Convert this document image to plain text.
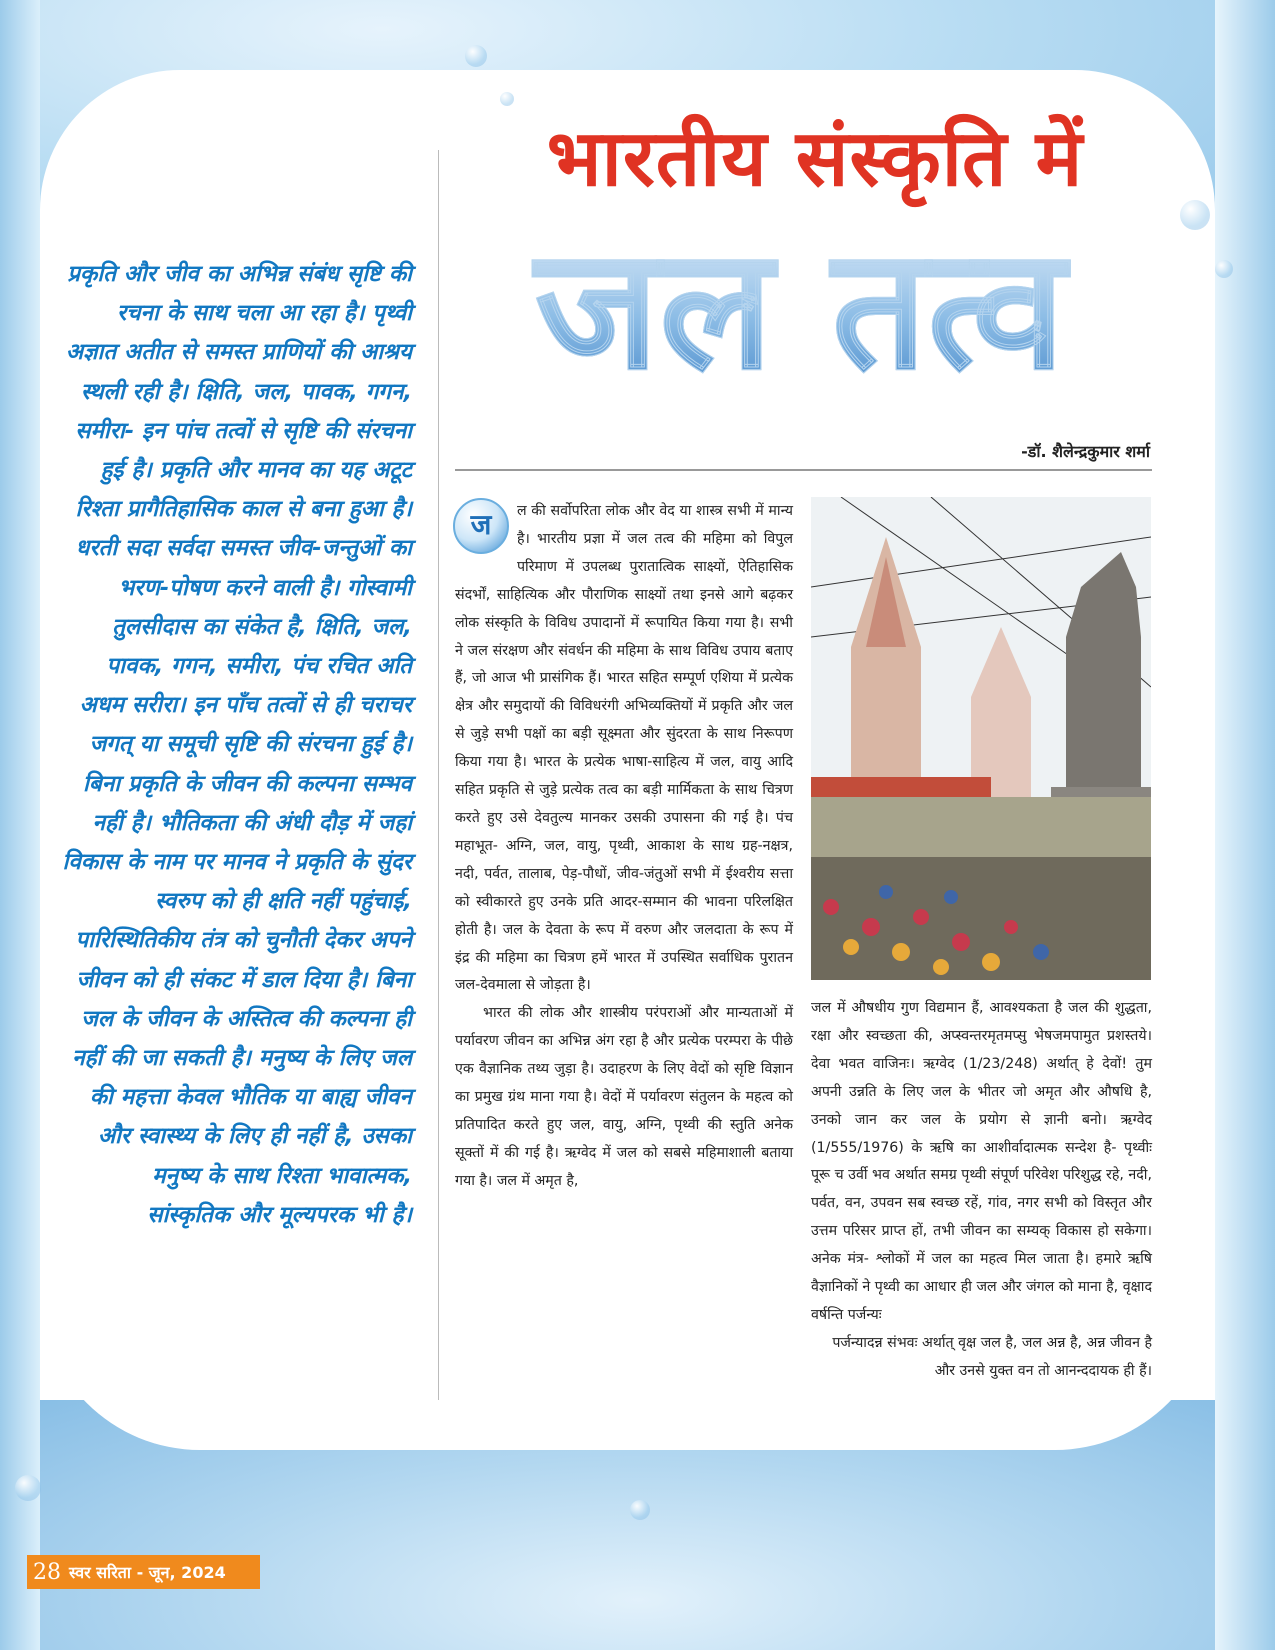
भारतीय संस्कृति में
जल तत्व
-डॉ. शैलेन्द्रकुमार शर्मा
प्रकृति और जीव का अभिन्न संबंध सृष्टि की रचना के साथ चला आ रहा है। पृथ्वी अज्ञात अतीत से समस्त प्राणियों की आश्रय स्थली रही है। क्षिति, जल, पावक, गगन, समीरा- इन पांच तत्वों से सृष्टि की संरचना हुई है। प्रकृति और मानव का यह अटूट रिश्ता प्रागैतिहासिक काल से बना हुआ है। धरती सदा सर्वदा समस्त जीव-जन्तुओं का भरण-पोषण करने वाली है। गोस्वामी तुलसीदास का संकेत है, क्षिति, जल, पावक, गगन, समीरा, पंच रचित अति अधम सरीरा। इन पाँच तत्वों से ही चराचर जगत् या समूची सृष्टि की संरचना हुई है। बिना प्रकृति के जीवन की कल्पना सम्भव नहीं है। भौतिकता की अंधी दौड़ में जहां विकास के नाम पर मानव ने प्रकृति के सुंदर स्वरुप को ही क्षति नहीं पहुंचाई, पारिस्थितिकीय तंत्र को चुनौती देकर अपने जीवन को ही संकट में डाल दिया है। बिना जल के जीवन के अस्तित्व की कल्पना ही नहीं की जा सकती है। मनुष्य के लिए जल की महत्ता केवल भौतिक या बाह्य जीवन और स्वास्थ्य के लिए ही नहीं है, उसका मनुष्य के साथ रिश्ता भावात्मक, सांस्कृतिक और मूल्यपरक भी है।

ज	ल की सर्वोपरिता लोक और वेद या शास्त्र सभी में मान्य है। भारतीय प्रज्ञा में जल तत्व की महिमा को विपुल परिमाण में उपलब्ध पुरातात्विक साक्ष्यों, ऐतिहासिक संदर्भों, साहित्यिक और पौराणिक साक्ष्यों तथा इनसे आगे बढ़कर लोक संस्कृति के विविध उपादानों में रूपायित किया गया है। सभी ने जल संरक्षण और संवर्धन की महिमा के साथ विविध उपाय बताए हैं, जो आज भी प्रासंगिक हैं। भारत सहित सम्पूर्ण एशिया में प्रत्येक क्षेत्र और समुदायों की विविधरंगी अभिव्यक्तियों में प्रकृति और जल से जुड़े सभी पक्षों का बड़ी सूक्ष्मता और सुंदरता के साथ निरूपण किया गया है। भारत के प्रत्येक भाषा-साहित्य में जल, वायु आदि सहित प्रकृति से जुड़े प्रत्येक तत्व का बड़ी मार्मिकता के साथ चित्रण करते हुए उसे देवतुल्य मानकर उसकी उपासना की गई है। पंच महाभूत- अग्नि, जल, वायु, पृथ्वी, आकाश के साथ ग्रह-नक्षत्र, नदी, पर्वत, तालाब, पेड़-पौधों, जीव-जंतुओं सभी में ईश्वरीय सत्ता को स्वीकारते हुए उनके प्रति आदर-सम्मान की भावना परिलक्षित होती है। जल के देवता के रूप में वरुण और जलदाता के रूप में इंद्र की महिमा का चित्रण हमें भारत में उपस्थित सर्वाधिक पुरातन जल-देवमाला से जोड़ता है।

भारत की लोक और शास्त्रीय परंपराओं और मान्यताओं में पर्यावरण जीवन का अभिन्न अंग रहा है और प्रत्येक परम्परा के पीछे एक वैज्ञानिक तथ्य जुड़ा है। उदाहरण के लिए वेदों को सृष्टि विज्ञान का प्रमुख ग्रंथ माना गया है। वेदों में पर्यावरण संतुलन के महत्व को प्रतिपादित करते हुए जल, वायु, अग्नि, पृथ्वी की स्तुति अनेक सूक्तों में की गई है। ऋग्वेद में जल को सबसे महिमाशाली बताया गया है। जल में अमृत है,

जल में औषधीय गुण विद्यमान हैं, आवश्यकता है जल की शुद्धता, रक्षा और स्वच्छता की, अप्स्वन्तरमृतमप्सु भेषजमपामुत प्रशस्तये। देवा भवत वाजिनः। ऋग्वेद (1/23/248) अर्थात् हे देवों! तुम अपनी उन्नति के लिए जल के भीतर जो अमृत और औषधि है, उनको जान कर जल के प्रयोग से ज्ञानी बनो। ऋग्वेद (1/555/1976) के ऋषि का आशीर्वादात्मक सन्देश है- पृथ्वीः पूरू च उर्वी भव अर्थात समग्र पृथ्वी संपूर्ण परिवेश परिशुद्ध रहे, नदी, पर्वत, वन, उपवन सब स्वच्छ रहें, गांव, नगर सभी को विस्तृत और उत्तम परिसर प्राप्त हों, तभी जीवन का सम्यक् विकास हो सकेगा। अनेक मंत्र- श्लोकों में जल का महत्व मिल जाता है। हमारे ऋषि वैज्ञानिकों ने पृथ्वी का आधार ही जल और जंगल को माना है, वृक्षाद वर्षन्ति पर्जन्यः
पर्जन्यादन्न संभवः अर्थात् वृक्ष जल है, जल अन्न है, अन्न जीवन है और उनसे युक्त वन तो आनन्ददायक ही हैं।
28 स्वर सरिता - जून, 2024
